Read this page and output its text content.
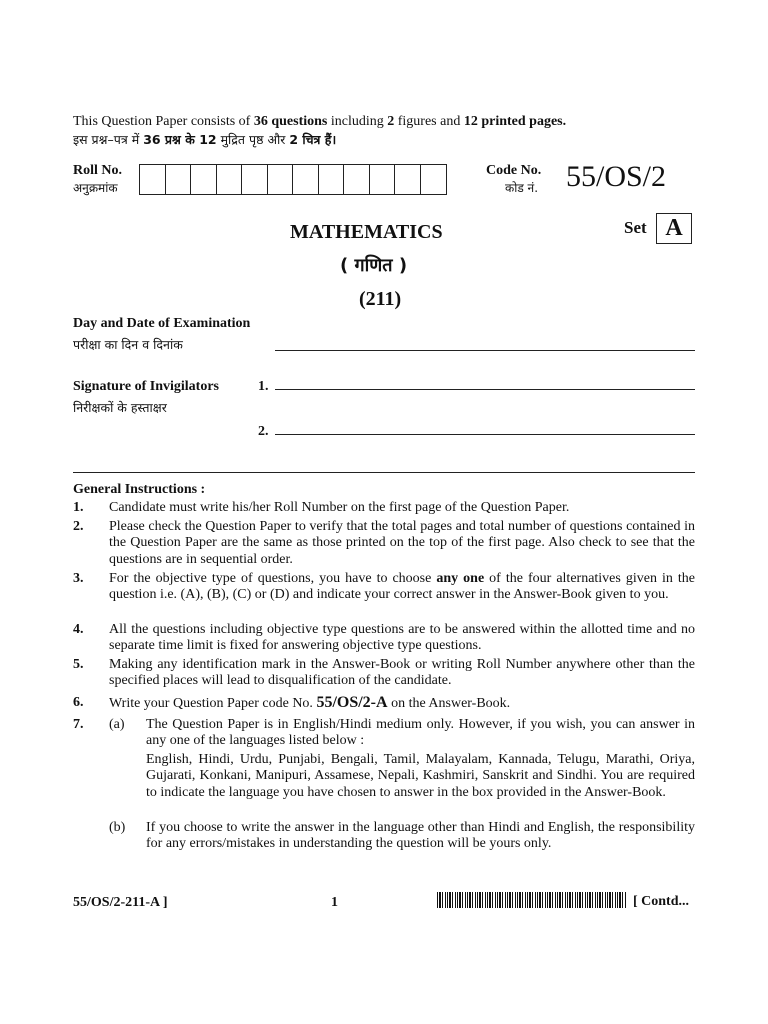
This Question Paper consists of 36 questions including 2 figures and 12 printed pages.
इस प्रश्न–पत्र में 36 प्रश्न के 12 मुद्रित पृष्ठ और 2 चित्र हैं।
Roll No.
अनुक्रमांक
Code No.
कोड नं. 55/OS/2
MATHEMATICS
( गणित )
(211)
Set A
Day and Date of Examination
परीक्षा का दिन व दिनांक
Signature of Invigilators
निरीक्षकों के हस्ताक्षर
1.
2.
General Instructions :
1. Candidate must write his/her Roll Number on the first page of the Question Paper.
2. Please check the Question Paper to verify that the total pages and total number of questions contained in the Question Paper are the same as those printed on the top of the first page. Also check to see that the questions are in sequential order.
3. For the objective type of questions, you have to choose any one of the four alternatives given in the question i.e. (A), (B), (C) or (D) and indicate your correct answer in the Answer-Book given to you.
4. All the questions including objective type questions are to be answered within the allotted time and no separate time limit is fixed for answering objective type questions.
5. Making any identification mark in the Answer-Book or writing Roll Number anywhere other than the specified places will lead to disqualification of the candidate.
6. Write your Question Paper code No. 55/OS/2-A on the Answer-Book.
7. (a) The Question Paper is in English/Hindi medium only. However, if you wish, you can answer in any one of the languages listed below :
English, Hindi, Urdu, Punjabi, Bengali, Tamil, Malayalam, Kannada, Telugu, Marathi, Oriya, Gujarati, Konkani, Manipuri, Assamese, Nepali, Kashmiri, Sanskrit and Sindhi. You are required to indicate the language you have chosen to answer in the box provided in the Answer-Book.
(b) If you choose to write the answer in the language other than Hindi and English, the responsibility for any errors/mistakes in understanding the question will be yours only.
55/OS/2-211-A ]	1	[ Contd...
